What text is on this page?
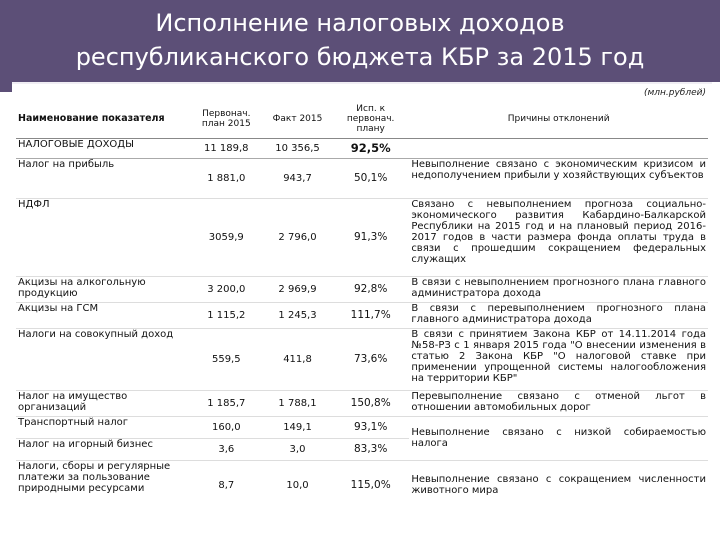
Исполнение налоговых доходов
республиканского бюджета КБР за 2015 год
(млн.рублей)
Наименование показателя	Первонач. план 2015	Факт 2015	Исп. к первонач. плану	Причины отклонений
НАЛОГОВЫЕ ДОХОДЫ	11 189,8	10 356,5	92,5%	
Налог на прибыль	1 881,0	943,7	50,1%	Невыполнение связано с экономическим кризисом и недополучением прибыли у хозяйствующих субъектов
НДФЛ	3059,9	2 796,0	91,3%	Связано с невыполнением прогноза социально-экономического развития Кабардино-Балкарской Республики на 2015 год и на плановый период 2016-2017 годов в части размера фонда оплаты труда в связи с прошедшим сокращением федеральных служащих
Акцизы на алкогольную продукцию	3 200,0	2 969,9	92,8%	В связи с невыполнением прогнозного плана главного администратора дохода
Акцизы на ГСМ	1 115,2	1 245,3	111,7%	В связи с перевыполнением прогнозного плана главного администратора дохода
Налоги на совокупный доход	559,5	411,8	73,6%	В связи с принятием Закона КБР от 14.11.2014 года №58-РЗ с 1 января 2015 года "О внесении изменения в статью 2 Закона КБР "О налоговой ставке при применении упрощенной системы налогообложения на территории КБР"
Налог на имущество организаций	1 185,7	1 788,1	150,8%	Перевыполнение связано с отменой льгот в отношении автомобильных дорог
Транспортный налог	160,0	149,1	93,1%	Невыполнение связано с низкой собираемостью налога
Налог на игорный бизнес	3,6	3,0	83,3%	
Налоги, сборы и регулярные платежи за пользование природными ресурсами	8,7	10,0	115,0%	Невыполнение связано с сокращением численности животного мира
